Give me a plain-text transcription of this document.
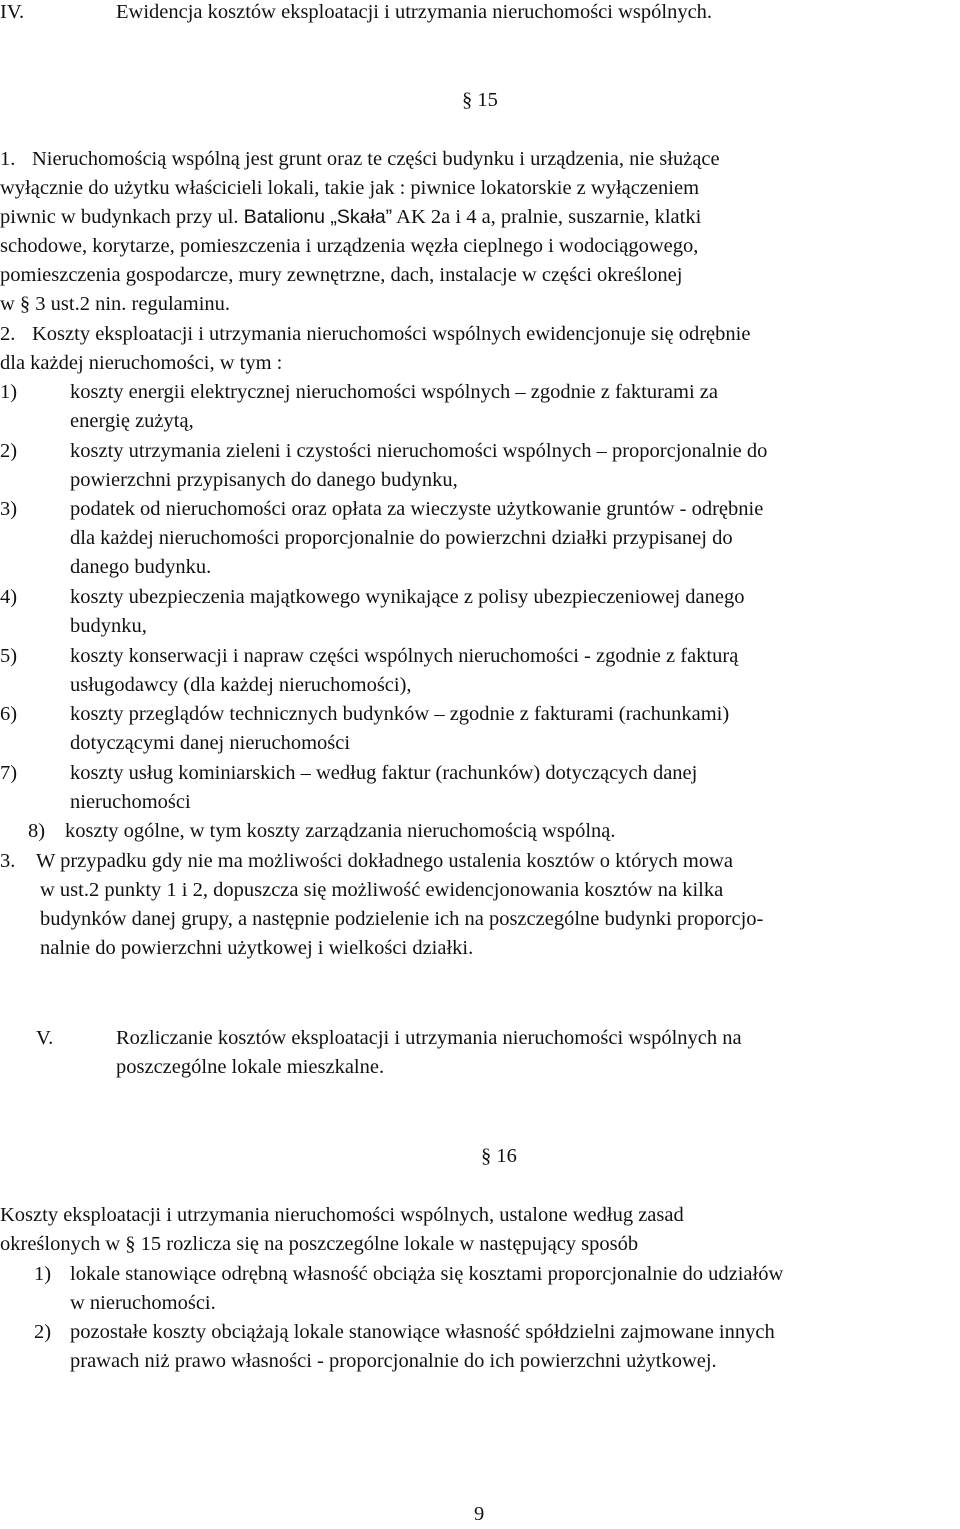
IV.	Ewidencja kosztów eksploatacji i utrzymania nieruchomości wspólnych.
§ 15
1. Nieruchomością wspólną jest grunt oraz te części budynku i urządzenia, nie służące
wyłącznie do użytku właścicieli lokali, takie jak : piwnice lokatorskie z wyłączeniem
piwnic w budynkach przy ul. Batalionu „Skała” AK 2a i 4 a, pralnie, suszarnie, klatki
schodowe, korytarze, pomieszczenia i urządzenia węzła cieplnego i wodociągowego,
pomieszczenia gospodarcze, mury zewnętrzne, dach, instalacje w części określonej
w § 3 ust.2 nin. regulaminu.
2. Koszty eksploatacji i utrzymania nieruchomości wspólnych ewidencjonuje się odrębnie
dla każdej nieruchomości, w tym :
1)	koszty energii elektrycznej nieruchomości wspólnych – zgodnie z fakturami za
energię zużytą,
2)	koszty utrzymania zieleni i czystości nieruchomości wspólnych – proporcjonalnie do
powierzchni przypisanych do danego budynku,
3)	podatek od nieruchomości oraz opłata za wieczyste użytkowanie gruntów - odrębnie
dla każdej nieruchomości proporcjonalnie do powierzchni działki przypisanej do
danego budynku.
4)	koszty ubezpieczenia majątkowego wynikające z polisy ubezpieczeniowej danego
budynku,
5)	koszty konserwacji i napraw części wspólnych nieruchomości - zgodnie z fakturą
usługodawcy (dla każdej nieruchomości),
6)	koszty przeglądów technicznych budynków – zgodnie z fakturami (rachunkami)
dotyczącymi danej nieruchomości
7)	koszty usług kominiarskich – według faktur (rachunków) dotyczących danej
nieruchomości
8) koszty ogólne, w tym koszty zarządzania nieruchomością wspólną.
3. W przypadku gdy nie ma możliwości dokładnego ustalenia kosztów o których mowa
w ust.2 punkty 1 i 2, dopuszcza się możliwość ewidencjonowania kosztów na kilka
budynków danej grupy, a następnie podzielenie ich na poszczególne budynki proporcjo-
nalnie do powierzchni użytkowej i wielkości działki.
V.	Rozliczanie kosztów eksploatacji i utrzymania nieruchomości wspólnych na
poszczególne lokale mieszkalne.
§ 16
Koszty eksploatacji i utrzymania nieruchomości wspólnych, ustalone według zasad
określonych w § 15 rozlicza się na poszczególne lokale w następujący sposób
1) lokale stanowiące odrębną własność obciąża się kosztami proporcjonalnie do udziałów
w nieruchomości.
2) pozostałe koszty obciążają lokale stanowiące własność spółdzielni zajmowane innych
prawach niż prawo własności - proporcjonalnie do ich powierzchni użytkowej.
9
